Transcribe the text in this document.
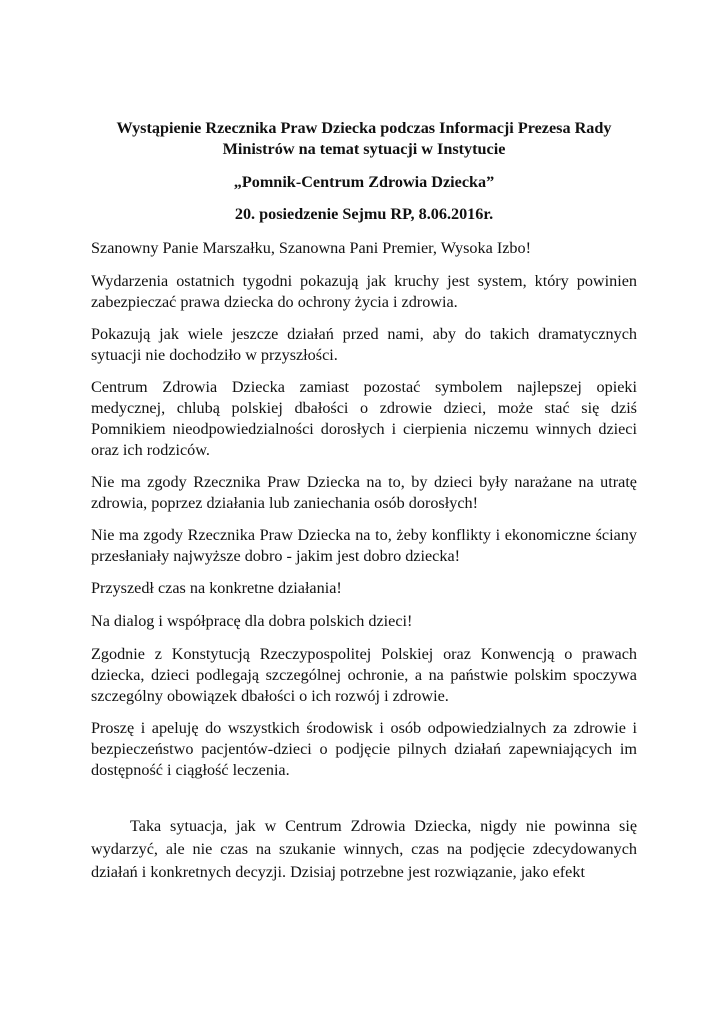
Wystąpienie Rzecznika Praw Dziecka podczas Informacji Prezesa Rady Ministrów na temat sytuacji w Instytucie

„Pomnik-Centrum Zdrowia Dziecka”

20. posiedzenie Sejmu RP, 8.06.2016r.

Szanowny Panie Marszałku, Szanowna Pani Premier, Wysoka Izbo!

Wydarzenia ostatnich tygodni pokazują jak kruchy jest system, który powinien zabezpieczać prawa dziecka do ochrony życia i zdrowia.

Pokazują jak wiele jeszcze działań przed nami, aby do takich dramatycznych sytuacji nie dochodziło w przyszłości.

Centrum Zdrowia Dziecka zamiast pozostać symbolem najlepszej opieki medycznej, chlubą polskiej dbałości o zdrowie dzieci, może stać się dziś Pomnikiem nieodpowiedzialności dorosłych i cierpienia niczemu winnych dzieci oraz ich rodziców.

Nie ma zgody Rzecznika Praw Dziecka na to, by dzieci były narażane na utratę zdrowia, poprzez działania lub zaniechania osób dorosłych!

Nie ma zgody Rzecznika Praw Dziecka na to, żeby konflikty i ekonomiczne ściany przesłaniały najwyższe dobro - jakim jest dobro dziecka!

Przyszedł czas na konkretne działania!

Na dialog i współpracę dla dobra polskich dzieci!

Zgodnie z Konstytucją Rzeczypospolitej Polskiej oraz Konwencją o prawach dziecka, dzieci podlegają szczególnej ochronie, a na państwie polskim spoczywa szczególny obowiązek dbałości o ich rozwój i zdrowie.

Proszę i apeluję do wszystkich środowisk i osób odpowiedzialnych za zdrowie i bezpieczeństwo pacjentów-dzieci o podjęcie pilnych działań zapewniających im dostępność i ciągłość leczenia.

Taka sytuacja, jak w Centrum Zdrowia Dziecka, nigdy nie powinna się wydarzyć, ale nie czas na szukanie winnych, czas na podjęcie zdecydowanych działań i konkretnych decyzji. Dzisiaj potrzebne jest rozwiązanie, jako efekt
